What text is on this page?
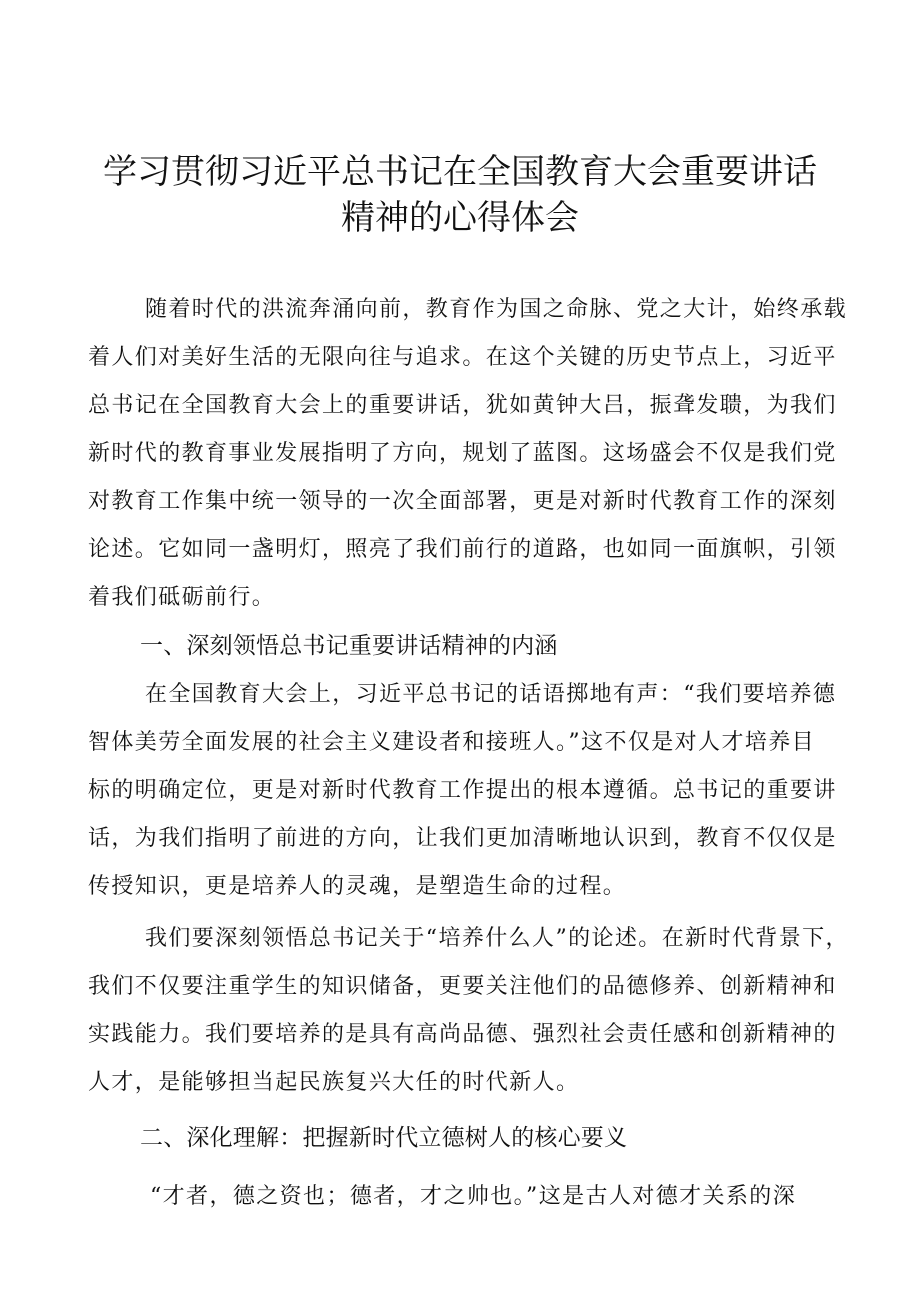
学习贯彻习近平总书记在全国教育大会重要讲话
精神的心得体会
随着时代的洪流奔涌向前，教育作为国之命脉、党之大计，始终承载
着人们对美好生活的无限向往与追求。在这个关键的历史节点上，习近平
总书记在全国教育大会上的重要讲话，犹如黄钟大吕，振聋发聩，为我们
新时代的教育事业发展指明了方向，规划了蓝图。这场盛会不仅是我们党
对教育工作集中统一领导的一次全面部署，更是对新时代教育工作的深刻
论述。它如同一盏明灯，照亮了我们前行的道路，也如同一面旗帜，引领
着我们砥砺前行。
一、深刻领悟总书记重要讲话精神的内涵
在全国教育大会上，习近平总书记的话语掷地有声：“我们要培养德
智体美劳全面发展的社会主义建设者和接班人。”这不仅是对人才培养目
标的明确定位，更是对新时代教育工作提出的根本遵循。总书记的重要讲
话，为我们指明了前进的方向，让我们更加清晰地认识到，教育不仅仅是
传授知识，更是培养人的灵魂，是塑造生命的过程。
我们要深刻领悟总书记关于“培养什么人”的论述。在新时代背景下，
我们不仅要注重学生的知识储备，更要关注他们的品德修养、创新精神和
实践能力。我们要培养的是具有高尚品德、强烈社会责任感和创新精神的
人才，是能够担当起民族复兴大任的时代新人。
二、深化理解：把握新时代立德树人的核心要义
“才者，德之资也；德者，才之帅也。”这是古人对德才关系的深
